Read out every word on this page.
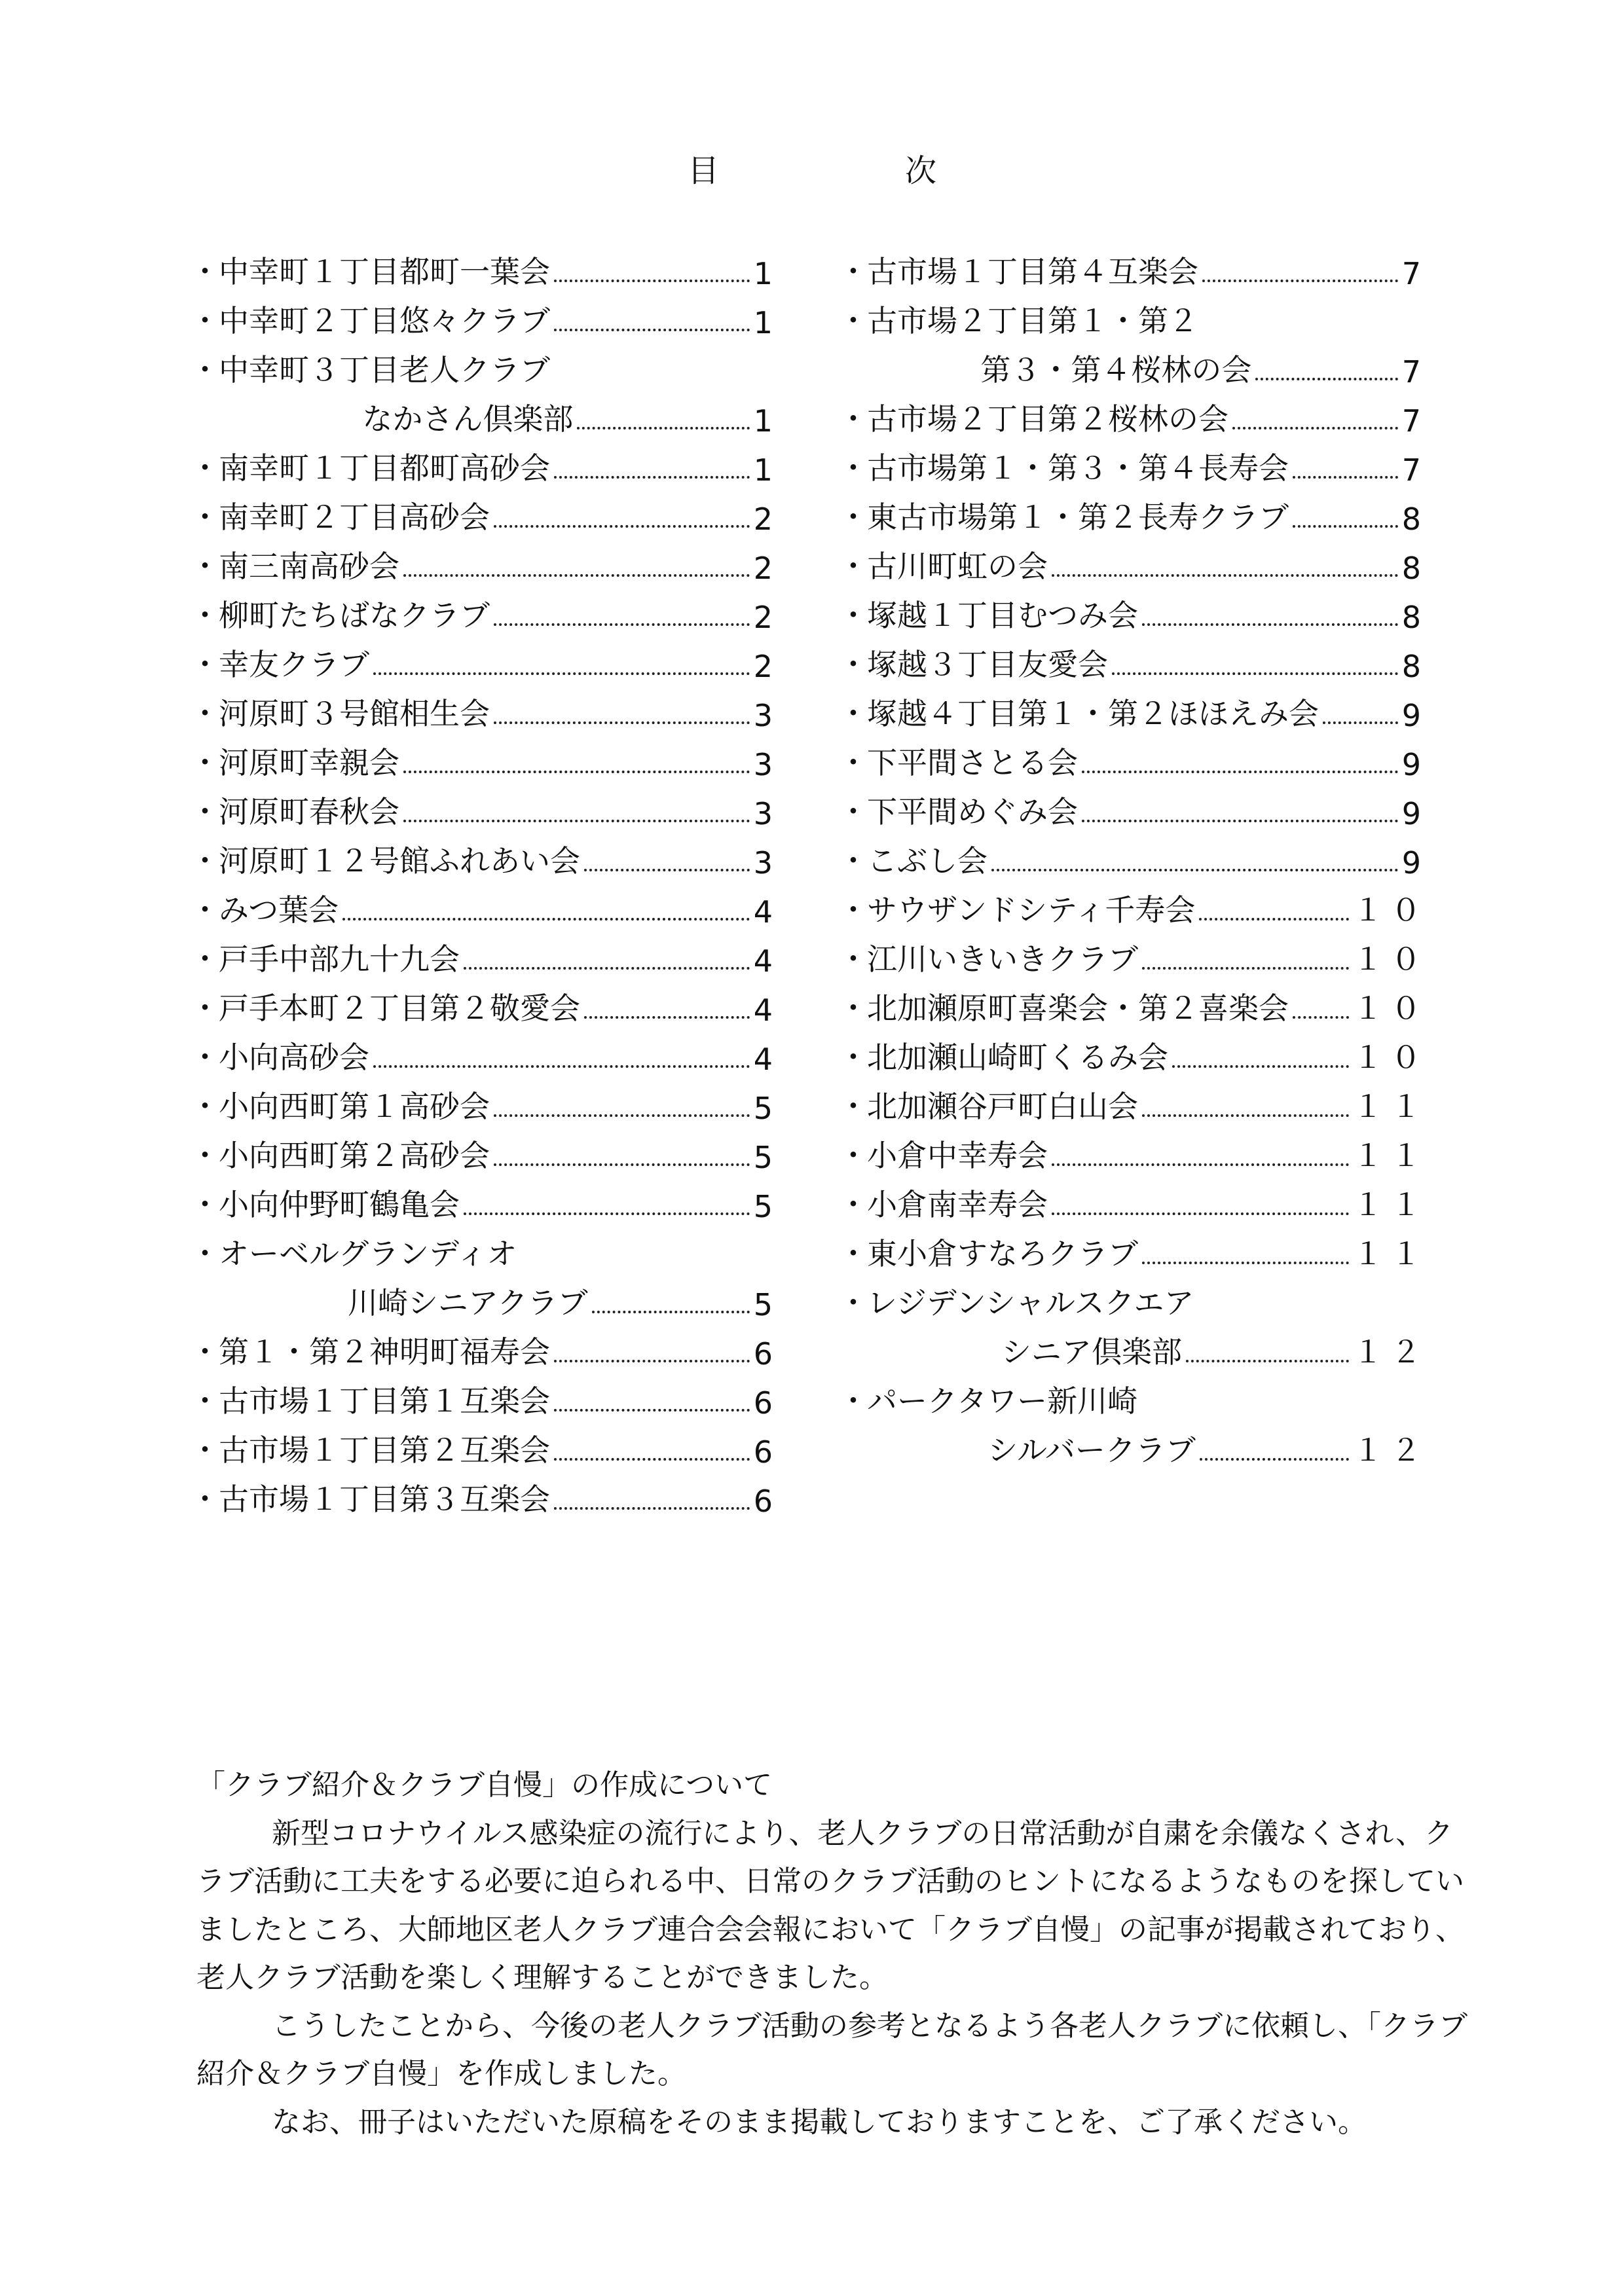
目　次
・
中幸町１丁目都町一葉会	1
・
中幸町２丁目悠々クラブ	1
・
中幸町３丁目老人クラブ
なかさん倶楽部	1
・
南幸町１丁目都町高砂会	1
・
南幸町２丁目高砂会	2
・
南三南高砂会	2
・
柳町たちばなクラブ	2
・
幸友クラブ	2
・
河原町３号館相生会	3
・
河原町幸親会	3
・
河原町春秋会	3
・
河原町１２号館ふれあい会	3
・
みつ葉会	4
・
戸手中部九十九会	4
・
戸手本町２丁目第２敬愛会	4
・
小向高砂会	4
・
小向西町第１高砂会	5
・
小向西町第２高砂会	5
・
小向仲野町鶴亀会	5
・
オーベルグランディオ
川崎シニアクラブ	5
・
第１・第２神明町福寿会	6
・
古市場１丁目第１互楽会	6
・
古市場１丁目第２互楽会	6
・
古市場１丁目第３互楽会	6
・
古市場１丁目第４互楽会	7
・
古市場２丁目第１・第２
第３・第４桜林の会	7
・
古市場２丁目第２桜林の会	7
・
古市場第１・第３・第４長寿会	7
・
東古市場第１・第２長寿クラブ	8
・
古川町虹の会	8
・
塚越１丁目むつみ会	8
・
塚越３丁目友愛会	8
・
塚越４丁目第１・第２ほほえみ会	9
・
下平間さとる会	9
・
下平間めぐみ会	9
・
こぶし会	9
・
サウザンドシティ千寿会	１０
・
江川いきいきクラブ	１０
・
北加瀬原町喜楽会・第２喜楽会 １０
・
北加瀬山崎町くるみ会	１０
・
北加瀬谷戸町白山会	１１
・
小倉中幸寿会	１１
・
小倉南幸寿会	１１
・
東小倉すなろクラブ	１１
・
レジデンシャルスクエア
シニア倶楽部	１２
・
パークタワー新川崎
シルバークラブ	１２

「クラブ紹介＆クラブ自慢」の作成について

新型コロナウイルス感染症の流行により、老人クラブの日常活動が自粛を余儀なくされ、クラブ活動に工夫をする必要に迫られる中、日常のクラブ活動のヒントになるようなものを探していましたところ、大師地区老人クラブ連合会会報において「クラブ自慢」の記事が掲載されており、老人クラブ活動を楽しく理解することができました。

こうしたことから、今後の老人クラブ活動の参考となるよう各老人クラブに依頼し、「クラブ紹介＆クラブ自慢」を作成しました。

なお、冊子はいただいた原稿をそのまま掲載しておりますことを、ご了承ください。
